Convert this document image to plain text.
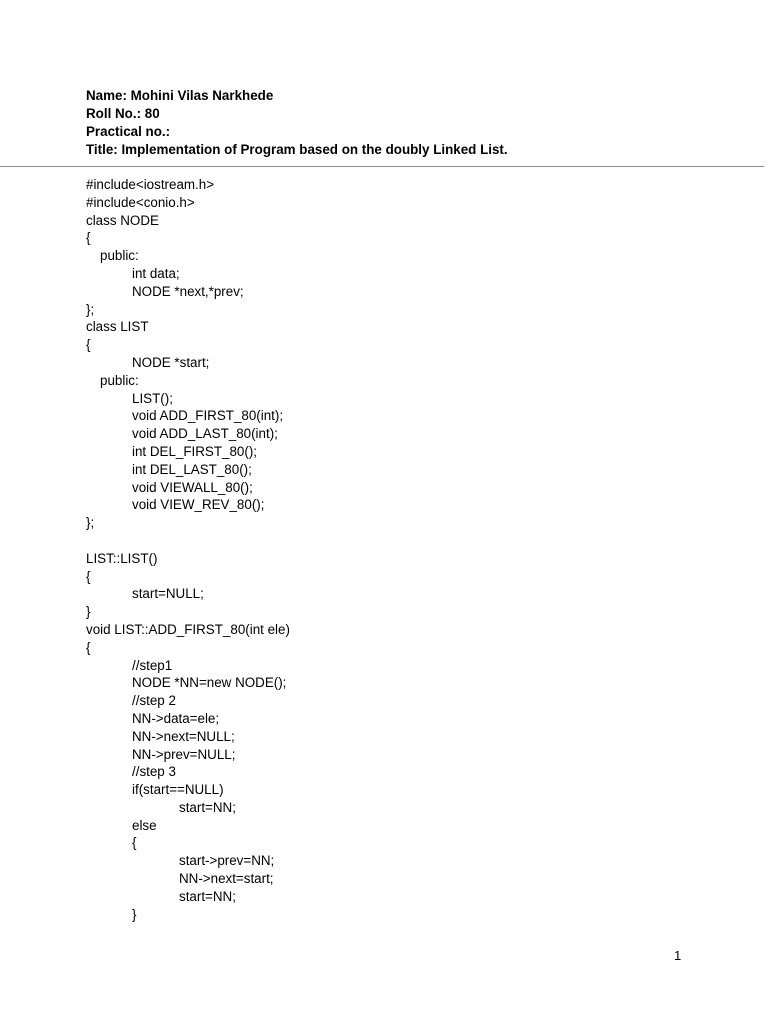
Name: Mohini Vilas Narkhede
Roll No.: 80
Practical no.:
Title: Implementation of Program based on the doubly Linked List.
#include<iostream.h>
#include<conio.h>
class NODE
{
public:
int data;
NODE *next,*prev;
};
class LIST
{
NODE *start;
public:
LIST();
void ADD_FIRST_80(int);
void ADD_LAST_80(int);
int DEL_FIRST_80();
int DEL_LAST_80();
void VIEWALL_80();
void VIEW_REV_80();
};
LIST::LIST()
{
start=NULL;
}
void LIST::ADD_FIRST_80(int ele)
{
//step1
NODE *NN=new NODE();
//step 2
NN->data=ele;
NN->next=NULL;
NN->prev=NULL;
//step 3
if(start==NULL)
start=NN;
else
{
start->prev=NN;
NN->next=start;
start=NN;
}
1
